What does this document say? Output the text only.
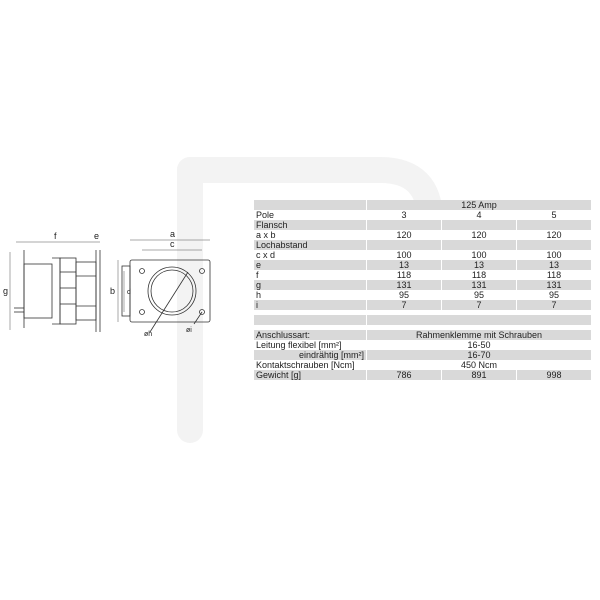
f	e
g
a
c
b d
øh
øi
		125 Amp		
Pole		3		4		5
Flansch						
a x b		120		120		120
Lochabstand						
c x d		100		100		100
e		13		13		13
f		118		118		118
g		131		131		131
h		95		95		95
i		7		7		7

Anschlussart:		Rahmenklemme mit Schrauben		
Leitung flexibel [mm²]		16-50		
eindrähtig [mm²]		16-70		
Kontaktschrauben [Ncm]		450 Ncm		
Gewicht [g]		786		891		998
